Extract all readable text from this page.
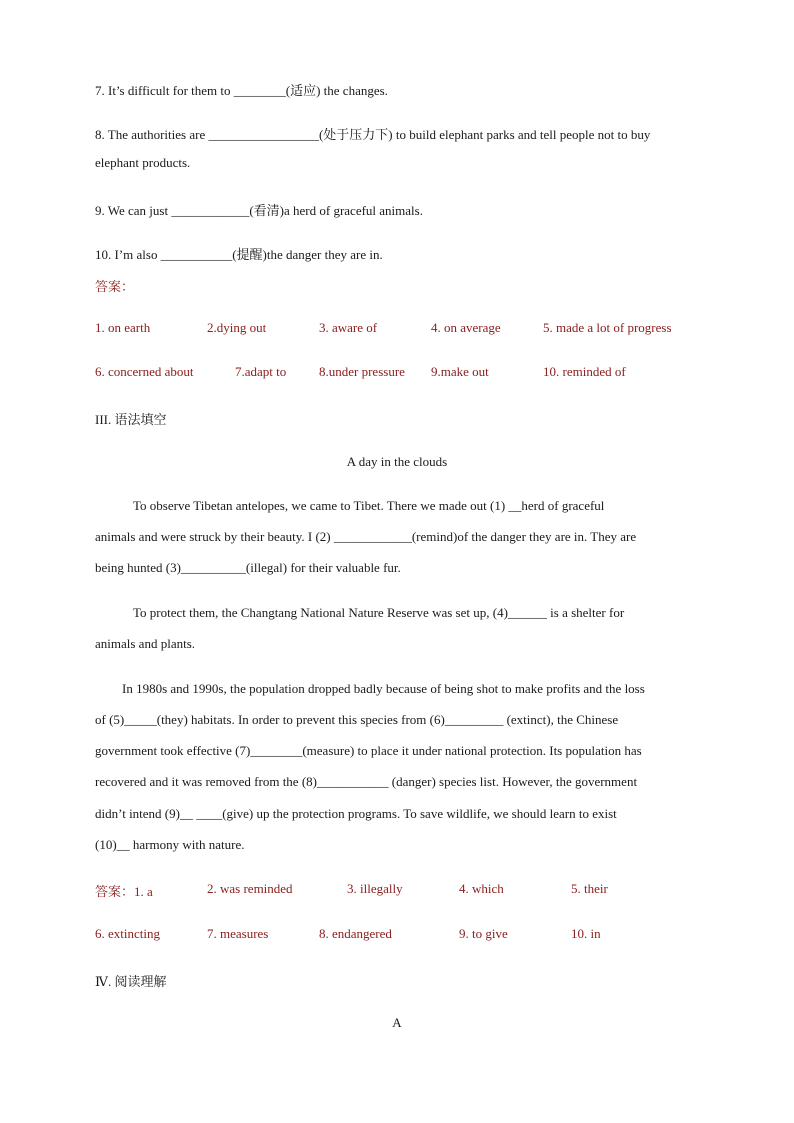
7. It’s difficult for them to ________(适应) the changes.
8. The authorities are _________________(处于压力下) to build elephant parks and tell people not to buy
elephant products.
9. We can just ____________(看清)a herd of graceful animals.
10. I’m also ___________(提醒)the danger they are in.
答案：
1. on earth	2.dying out	3. aware of	4. on average	5. made a lot of progress
6. concerned about	7.adapt to	8.under pressure 9.make out	10. reminded of
III. 语法填空
A day in the clouds
To observe Tibetan antelopes, we came to Tibet. There we made out (1) __herd of graceful
animals and were struck by their beauty. I (2) ____________(remind)of the danger they are in. They are
being hunted (3)__________(illegal) for their valuable fur.
To protect them, the Changtang National Nature Reserve was set up, (4)______ is a shelter for
animals and plants.
In 1980s and 1990s, the population dropped badly because of being shot to make profits and the loss
of (5)_____(they) habitats. In order to prevent this species from (6)_________ (extinct), the Chinese
government took effective (7)________(measure) to place it under national protection. Its population has
recovered and it was removed from the (8)___________ (danger) species list. However, the government
didn’t intend (9)__ ____(give) up the protection programs. To save wildlife, we should learn to exist
(10)__ harmony with nature.
答案：1. a	2. was reminded	3. illegally	4. which	5. their
6. extincting	7. measures	8. endangered	9. to give	10. in
Ⅳ. 阅读理解
A
